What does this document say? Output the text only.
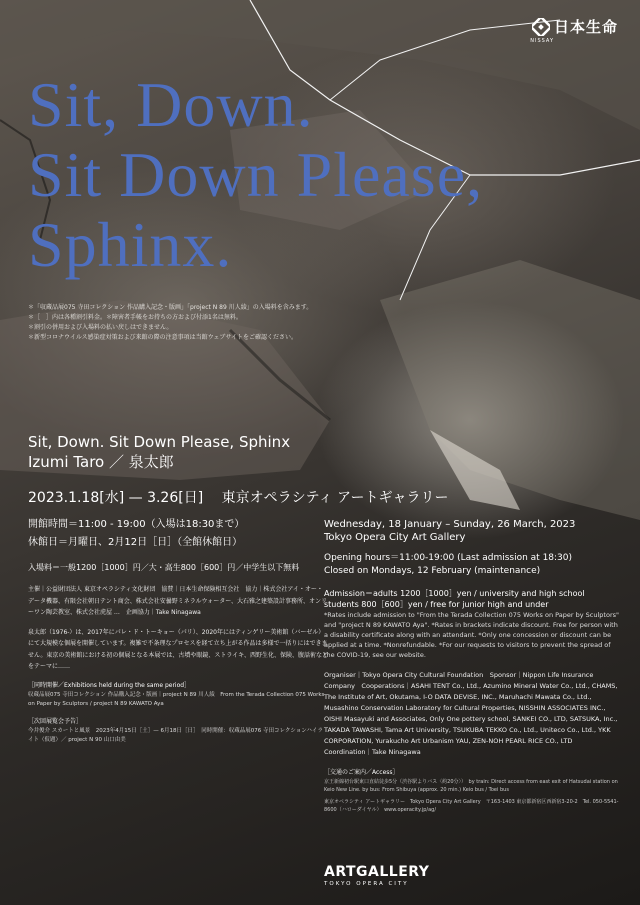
日本生命
NISSAY
Sit, Down.
Sit Down Please,
Sphinx.
＊「収蔵品展075 寺田コレクション 作品購入記念・版画」「project N 89 川人綾」の入場料を含みます。
＊［　］内は各種割引料金。＊障害者手帳をお持ちの方および付添1名は無料。
＊割引の併用および入場料の払い戻しはできません。
＊新型コロナウイルス感染症対策および来館の際の注意事項は当館ウェブサイトをご確認ください。
Sit, Down. Sit Down Please, Sphinx
Izumi Taro ／ 泉太郎
2023.1.18[水] — 3.26[日] 東京オペラシティ アートギャラリー
開館時間＝11:00 - 19:00（入場は18:30まで）
休館日＝月曜日、2月12日［日］（全館休館日）
入場料＝一般1200［1000］円／大・高生800［600］円／中学生以下無料
主催｜公益財団法人 東京オペラシティ文化財団　協賛｜日本生命保険相互会社　協力｜株式会社アイ・オー・データ機器、有限会社朝日テント商会、株式会社安曇野ミネラルウォーター、大石雅之建築設計事務所、オンリーワン陶芸教室、株式会社虎屋 …　企画協力｜Take Ninagawa
泉太郎（1976-）は、2017年にパレ・ド・トーキョー（パリ）、2020年にはティンゲリー美術館（バーゼル）にて大規模な個展を開催しています。複雑で不条理なプロセスを経て立ち上がる作品は多様で一括りにはできません。東京の美術館における初の個展となる本展では、古墳や眼鏡、ストライキ、西野生化、保険、腹話術などをテーマに……
［同時開催／Exhibitions held during the same period］
収蔵品展075 寺田コレクション 作品購入記念・版画｜project N 89 川人綾　From the Terada Collection 075 Works on Paper by Sculptors / project N 89 KAWATO Aya
［次回展覧会予告］
今井俊介 スカートと風景　2023年4月15日［土］— 6月18日［日］　同時開催：収蔵品展076 寺田コレクションハイライト（仮題）／ project N 90 山口由美
Wednesday, 18 January – Sunday, 26 March, 2023
Tokyo Opera City Art Gallery
Opening hours＝11:00-19:00 (Last admission at 18:30)
Closed on Mondays, 12 February (maintenance)
Admission＝adults 1200［1000］yen / university and high school students 800［600］yen / free for junior high and under
*Rates include admission to "From the Terada Collection 075 Works on Paper by Sculptors" and "project N 89 KAWATO Aya". *Rates in brackets indicate discount. Free for person with a disability certificate along with an attendant. *Only one concession or discount can be applied at a time. *Nonrefundable. *For our requests to visitors to prevent the spread of the COVID-19, see our website.
Organiser｜Tokyo Opera City Cultural Foundation　Sponsor｜Nippon Life Insurance Company　Cooperations｜ASAHI TENT Co., Ltd., Azumino Mineral Water Co., Ltd., CHAMS, The Institute of Art, Okutama, I-O DATA DEVISE, INC., Maruhachi Mawata Co., Ltd., Musashino Conservation Laboratory for Cultural Properties, NISSHIN ASSOCIATES INC., OISHI Masayuki and Associates, Only One pottery school, SANKEI CO., LTD, SATSUKA, Inc., TAKADA TAWASHI, Tama Art University, TSUKUBA TEKKO Co., Ltd., Uniteco Co., Ltd., YKK CORPORATION, Yurakucho Art Urbanism YAU, ZEN-NOH PEARL RICE CO., LTD　Coordination｜Take Ninagawa
［交通のご案内／Access］
京王新線初台駅東口直結徒歩5分（渋谷駅よりバス〈約20分〉）　by train: Direct access from east exit of Hatsudai station on Keio New Line. by bus: From Shibuya (approx. 20 min.) Keio bus / Toei bus
東京オペラシティ アートギャラリー　Tokyo Opera City Art Gallery　〒163-1403 東京都新宿区西新宿3-20-2　Tel. 050-5541-8600（ハローダイヤル）　www.operacity.jp/ag/
ARTGALLERY
TOKYO OPERA CITY
